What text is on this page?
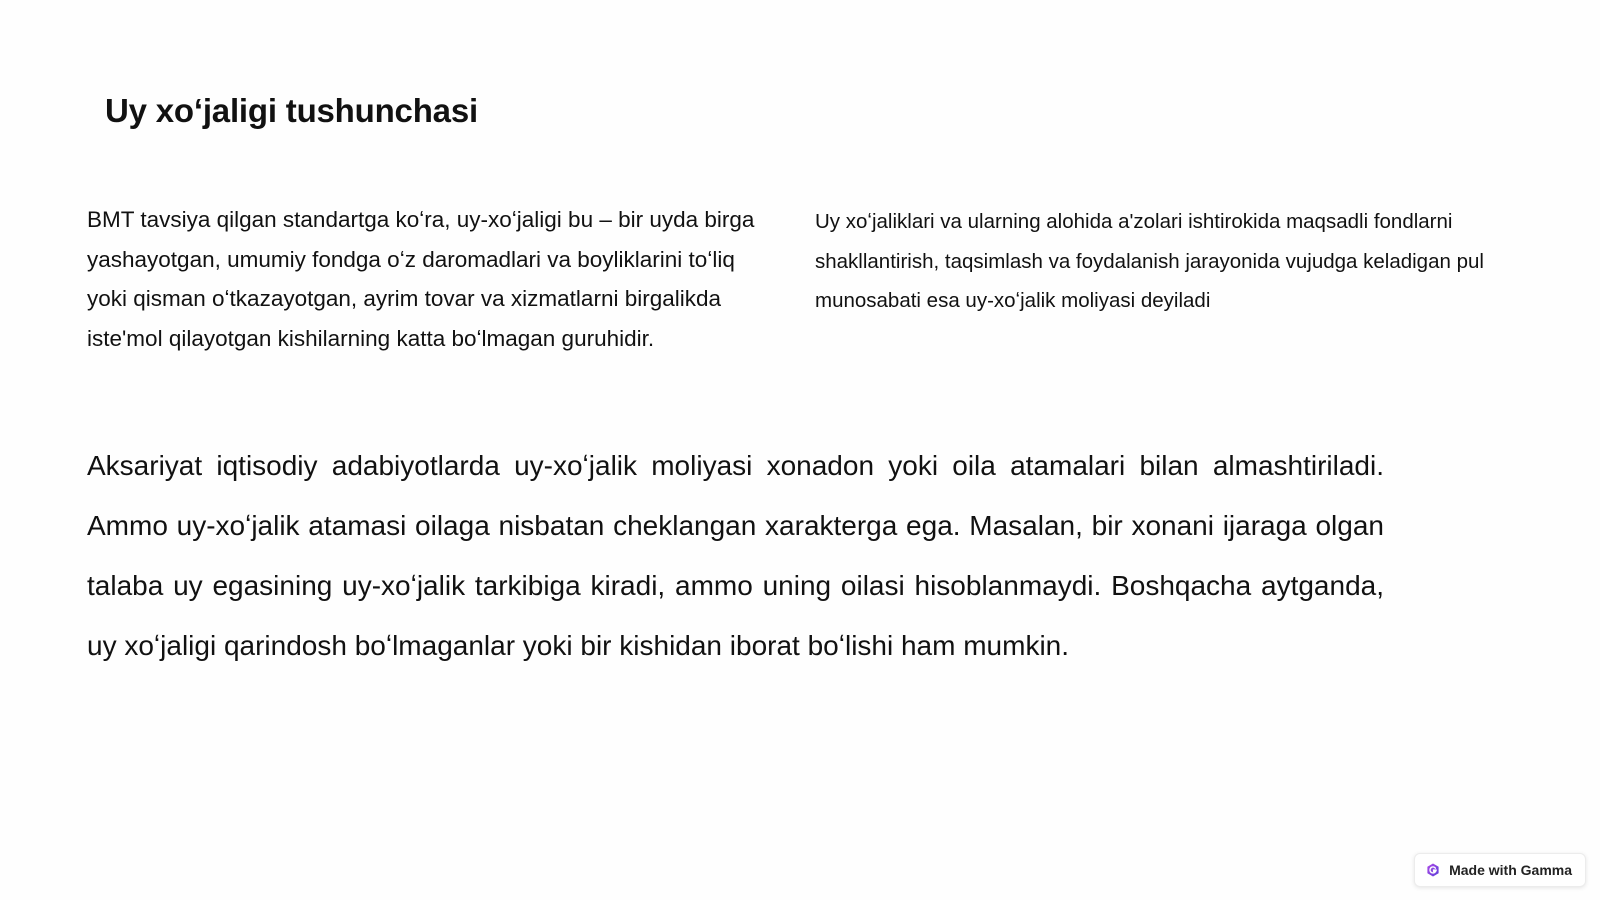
Uy xoʻjaligi tushunchasi

BMT tavsiya qilgan standartga koʻra, uy-xoʻjaligi bu – bir uyda birga yashayotgan, umumiy fondga oʻz daromadlari va boyliklarini toʻliq yoki qisman oʻtkazayotgan, ayrim tovar va xizmatlarni birgalikda iste'mol qilayotgan kishilarning katta boʻlmagan guruhidir.

Uy xoʻjaliklari va ularning alohida a'zolari ishtirokida maqsadli fondlarni shakllantirish, taqsimlash va foydalanish jarayonida vujudga keladigan pul munosabati esa uy-xoʻjalik moliyasi deyiladi

Aksariyat iqtisodiy adabiyotlarda uy-xoʻjalik moliyasi xonadon yoki oila atamalari bilan almashtiriladi. Ammo uy-xoʻjalik atamasi oilaga nisbatan cheklangan xarakterga ega. Masalan, bir xonani ijaraga olgan talaba uy egasining uy-xoʻjalik tarkibiga kiradi, ammo uning oilasi hisoblanmaydi. Boshqacha aytganda, uy xoʻjaligi qarindosh boʻlmaganlar yoki bir kishidan iborat boʻlishi ham mumkin.

Made with Gamma
